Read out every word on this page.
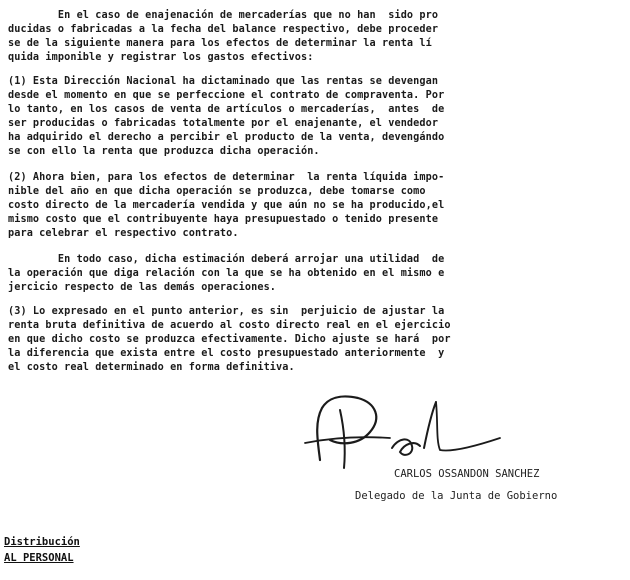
En el caso de enajenación de mercaderías que no han  sido pro
ducidas o fabricadas a la fecha del balance respectivo, debe proceder
se de la siguiente manera para los efectos de determinar la renta lí
quida imponible y registrar los gastos efectivos:
(1) Esta Dirección Nacional ha dictaminado que las rentas se devengan
desde el momento en que se perfeccione el contrato de compraventa. Por
lo tanto, en los casos de venta de artículos o mercaderías,  antes  de
ser producidas o fabricadas totalmente por el enajenante, el vendedor
ha adquirido el derecho a percibir el producto de la venta, devengándo
se con ello la renta que produzca dicha operación.
(2) Ahora bien, para los efectos de determinar  la renta líquida impo-
nible del año en que dicha operación se produzca, debe tomarse como
costo directo de la mercadería vendida y que aún no se ha producido,el
mismo costo que el contribuyente haya presupuestado o tenido presente
para celebrar el respectivo contrato.
En todo caso, dicha estimación deberá arrojar una utilidad  de
la operación que diga relación con la que se ha obtenido en el mismo e
jercicio respecto de las demás operaciones.
(3) Lo expresado en el punto anterior, es sin  perjuicio de ajustar la
renta bruta definitiva de acuerdo al costo directo real en el ejercicio
en que dicho costo se produzca efectivamente. Dicho ajuste se hará  por
la diferencia que exista entre el costo presupuestado anteriormente  y
el costo real determinado en forma definitiva.
CARLOS OSSANDON SANCHEZ
Delegado de la Junta de Gobierno
Distribución
AL PERSONAL
